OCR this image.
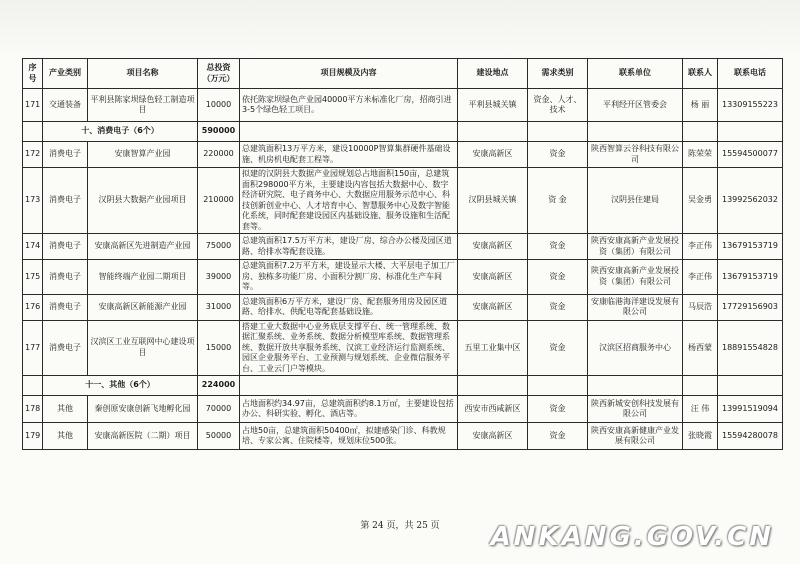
序号	产业类别	项目名称	总投资（万元）	项目规模及内容	建设地点	需求类别	联系单位	联系人	联系电话
171	交通装备	平利县陈家坝绿色轻工制造项目	10000	依托陈家坝绿色产业园40000平方米标准化厂房，招商引进3-5个绿色轻工项目。	平利县城关镇	资金、人才、技术	平利经开区管委会	杨 丽	13309155223
	十、消费电子（6个）		590000						
172	消费电子	安康智算产业园	220000	总建筑面积13万平方米，建设10000P智算集群硬件基础设施、机房机电配套工程等。	安康高新区	资金	陕西智算云谷科技有限公司	陈荣荣	15594500077
173	消费电子	汉阴县大数据产业园项目	210000	拟建的汉阴县大数据产业园规划总占地面积150亩，总建筑面积298000平方米，主要建设内容包括大数据中心、数字经济研究院、电子商务中心、大数据应用服务示范中心、科技创新创业中心、人才培育中心、智慧服务中心及数字智能化系统，同时配套建设园区内基础设施、服务设施和生活配套等。	汉阴县城关镇	资 金	汉阴县住建局	吴金勇	13992562032
174	消费电子	安康高新区先进制造产业园	75000	总建筑面积17.5万平方米，建设厂房、综合办公楼及园区道路、给排水等配套设施。	安康高新区	资金	陕西安康高新产业发展投资（集团）有限公司	李正伟	13679153719
175	消费电子	智能终端产业园二期项目	39000	总建筑面积7.2万平方米，建设显示大楼、大平层电子加工厂房、独栋多功能厂房、小面积分割厂房、标准化生产车间等。	安康高新区	资金	陕西安康高新产业发展投资（集团）有限公司	李正伟	13679153719
176	消费电子	安康高新区新能源产业园	31000	总建筑面积6万平方米，建设厂房、配套服务用房及园区道路、给排水、供配电等配套基础设施。	安康高新区	资金	安康临港海洋建设发展有限公司	马辰浩	17729156903
177	消费电子	汉滨区工业互联网中心建设项目	15000	搭建工业大数据中心业务底层支撑平台、统一管理系统、数据汇聚系统、业务系统、数据分析模型库系统、数据管理系统、数据开放共享服务系统、汉滨工业经济运行监测系统、园区企业服务平台、工业预测与规划系统、企业微信服务平台、工业云门户等模块。	五里工业集中区	资金	汉滨区招商服务中心	杨西蒙	18891554828
	十一、其他（6个）		224000						
178	其他	秦创原安康创新飞地孵化园	70000	占地面积约34.97亩，总建筑面积约8.1万㎡，主要建设包括办公、科研实验、孵化、酒店等。	西安市西咸新区	资金	陕西新城安创科技发展有限公司	汪 伟	13991519094
179	其他	安康高新医院（二期）项目	50000	占地50亩，总建筑面积50400㎡，拟建感染门诊、科教规培、专家公寓、住院楼等，规划床位500张。	安康高新区	资金	陕西安康高新健康产业发展有限公司	张晓霞	15594280078
第 24 页，共 25 页	ANKANG.GOV.CN
